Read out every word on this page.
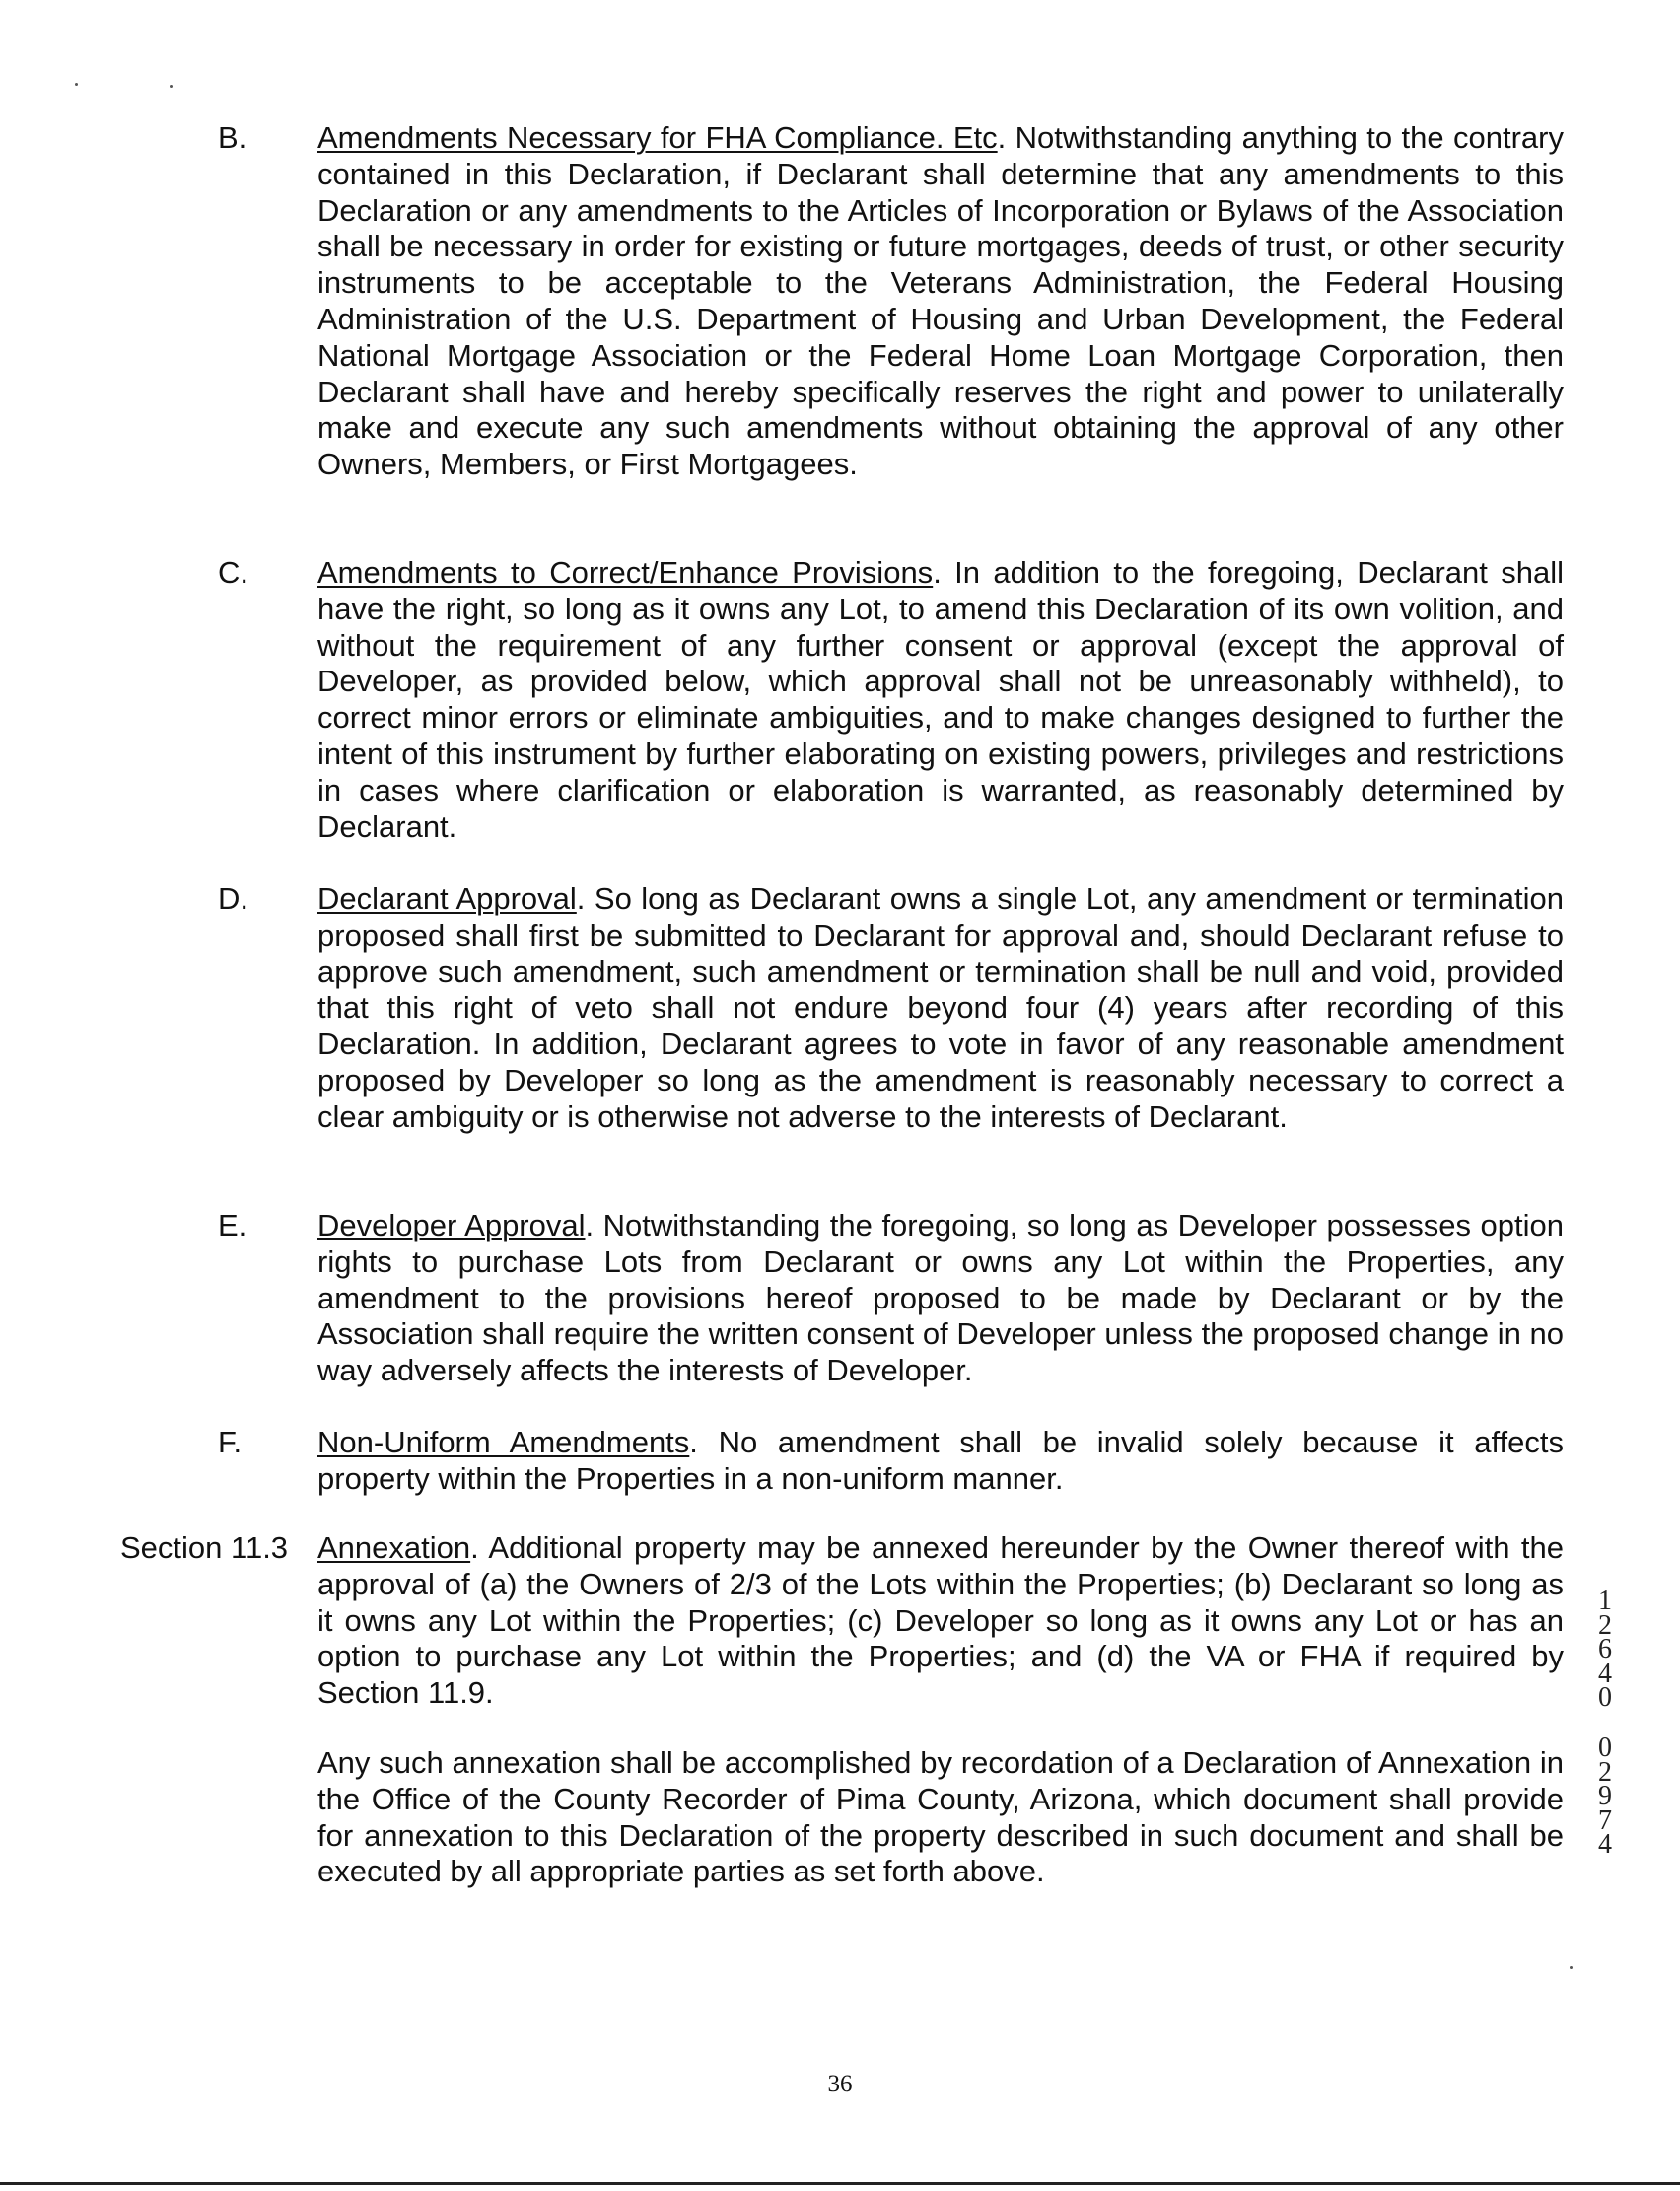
B. Amendments Necessary for FHA Compliance. Etc. Notwithstanding anything to the contrary contained in this Declaration, if Declarant shall determine that any amendments to this Declaration or any amendments to the Articles of Incorporation or Bylaws of the Association shall be necessary in order for existing or future mortgages, deeds of trust, or other security instruments to be acceptable to the Veterans Administration, the Federal Housing Administration of the U.S. Department of Housing and Urban Development, the Federal National Mortgage Association or the Federal Home Loan Mortgage Corporation, then Declarant shall have and hereby specifically reserves the right and power to unilaterally make and execute any such amendments without obtaining the approval of any other Owners, Members, or First Mortgagees.

C. Amendments to Correct/Enhance Provisions. In addition to the foregoing, Declarant shall have the right, so long as it owns any Lot, to amend this Declaration of its own volition, and without the requirement of any further consent or approval (except the approval of Developer, as provided below, which approval shall not be unreasonably withheld), to correct minor errors or eliminate ambiguities, and to make changes designed to further the intent of this instrument by further elaborating on existing powers, privileges and restrictions in cases where clarification or elaboration is warranted, as reasonably determined by Declarant.

D. Declarant Approval. So long as Declarant owns a single Lot, any amendment or termination proposed shall first be submitted to Declarant for approval and, should Declarant refuse to approve such amendment, such amendment or termination shall be null and void, provided that this right of veto shall not endure beyond four (4) years after recording of this Declaration. In addition, Declarant agrees to vote in favor of any reasonable amendment proposed by Developer so long as the amendment is reasonably necessary to correct a clear ambiguity or is otherwise not adverse to the interests of Declarant.

E. Developer Approval. Notwithstanding the foregoing, so long as Developer possesses option rights to purchase Lots from Declarant or owns any Lot within the Properties, any amendment to the provisions hereof proposed to be made by Declarant or by the Association shall require the written consent of Developer unless the proposed change in no way adversely affects the interests of Developer.

F. Non-Uniform Amendments. No amendment shall be invalid solely because it affects property within the Properties in a non-uniform manner.

Section 11.3 Annexation. Additional property may be annexed hereunder by the Owner thereof with the approval of (a) the Owners of 2/3 of the Lots within the Properties; (b) Declarant so long as it owns any Lot within the Properties; (c) Developer so long as it owns any Lot or has an option to purchase any Lot within the Properties; and (d) the VA or FHA if required by Section 11.9.

Any such annexation shall be accomplished by recordation of a Declaration of Annexation in the Office of the County Recorder of Pima County, Arizona, which document shall provide for annexation to this Declaration of the property described in such document and shall be executed by all appropriate parties as set forth above.

1
2
6
4
0
0
2
9
7
4
36
